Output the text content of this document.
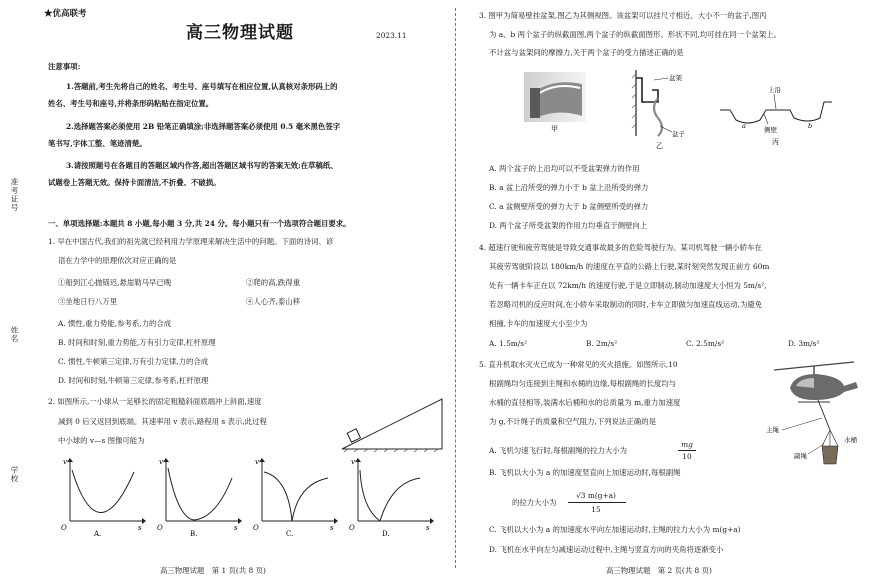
准考证号
姓名
学校
★优高联考
高三物理试题	2023.11
注意事项:
1.答题前,考生先将自己的姓名、考生号、座号填写在相应位置,认真核对条形码上的
姓名、考生号和座号,并将条形码粘贴在指定位置。
2.选择题答案必须使用 2B 铅笔正确填涂;非选择题答案必须使用 0.5 毫米黑色签字
笔书写,字体工整、笔迹清楚。
3.请按照题号在各题目的答题区域内作答,超出答题区域书写的答案无效;在草稿纸、
试题卷上答题无效。保持卡面清洁,不折叠、不破损。
一、单项选择题:本题共 8 小题,每小题 3 分,共 24 分。每小题只有一个选项符合题目要求。
1. 早在中国古代,我们的祖先就已经利用力学原理来解决生活中的问题。下面的诗词、谚
语在力学中的原理依次对应正确的是
①船到江心抛锚迟,悬崖勒马早已晚	②爬的高,跌得重
③坐地日行八万里	④人心齐,泰山移
A. 惯性,重力势能,参考系,力的合成
B. 时间和时刻,重力势能,万有引力定律,杠杆原理
C. 惯性,牛顿第三定律,万有引力定律,力的合成
D. 时间和时刻,牛顿第三定律,参考系,杠杆原理
2. 如图所示,一小球从一足够长的固定粗糙斜面底端冲上斜面,速度
减到 0 后又返回到底端。其速率用 v 表示,路程用 s 表示,此过程
中小球的 v—s 图像可能为
v
s
O
A.
v
s
O
B.
v
s
O
C.
v
s
O
D.
高三物理试题　第 1 页(共 8 页)
3. 图甲为简易壁挂盆架,图乙为其侧视图。该盆架可以挂尺寸相近、大小不一的盆子,图丙
为 a、b 两个盆子的纵截面图,两个盆子的纵截面图形、形状不同,均可挂在同一个盆架上。
不计盆与盆架间的摩擦力,关于两个盆子的受力描述正确的是
甲
盆架
盆子
乙
上沿
侧壁
a	b
丙
A. 两个盆子的上沿均可以不受盆架弹力的作用
B. a 盆上沿所受的弹力小于 b 盆上沿所受的弹力
C. a 盆侧壁所受的弹力大于 b 盆侧壁所受的弹力
D. 两个盆子所受盆架的作用力均垂直于侧壁向上
4. 超速行驶和疲劳驾驶是导致交通事故最多的危险驾驶行为。某司机驾驶一辆小轿车在
其疲劳驾驶阶段以 180km/h 的速度在平直的公路上行驶,某时刻突然发现正前方 60m
处有一辆卡车正在以 72km/h 的速度行驶,于是立即制动,制动加速度大小恒为 5m/s²,
若忽略司机的反应时间,在小轿车采取制动的同时,卡车立即做匀加速直线运动,为避免
相撞,卡车的加速度大小至少为
A. 1.5m/s²	B. 2m/s²	C. 2.5m/s²	D. 3m/s²
5. 直升机取水灭火已成为一种常见的灭火措施。如图所示,10
根副绳均匀连接到主绳和水桶的边缘,每根副绳的长度均与
水桶的直径相等,装满水后桶和水的总质量为 m,重力加速度
为 g,不计绳子的质量和空气阻力,下列说法正确的是
A. 飞机匀速飞行时,每根副绳的拉力大小为
mg
10
B. 飞机以大小为 a 的加速度竖直向上加速运动时,每根副绳
的拉力大小为
√3 m(g+a)
15
C. 飞机以大小为 a 的加速度水平向左加速运动时,主绳的拉力大小为 m(g+a)
D. 飞机在水平向左匀减速运动过程中,主绳与竖直方向的夹角将逐渐变小
主绳
水桶
副绳
高三物理试题　第 2 页(共 8 页)
